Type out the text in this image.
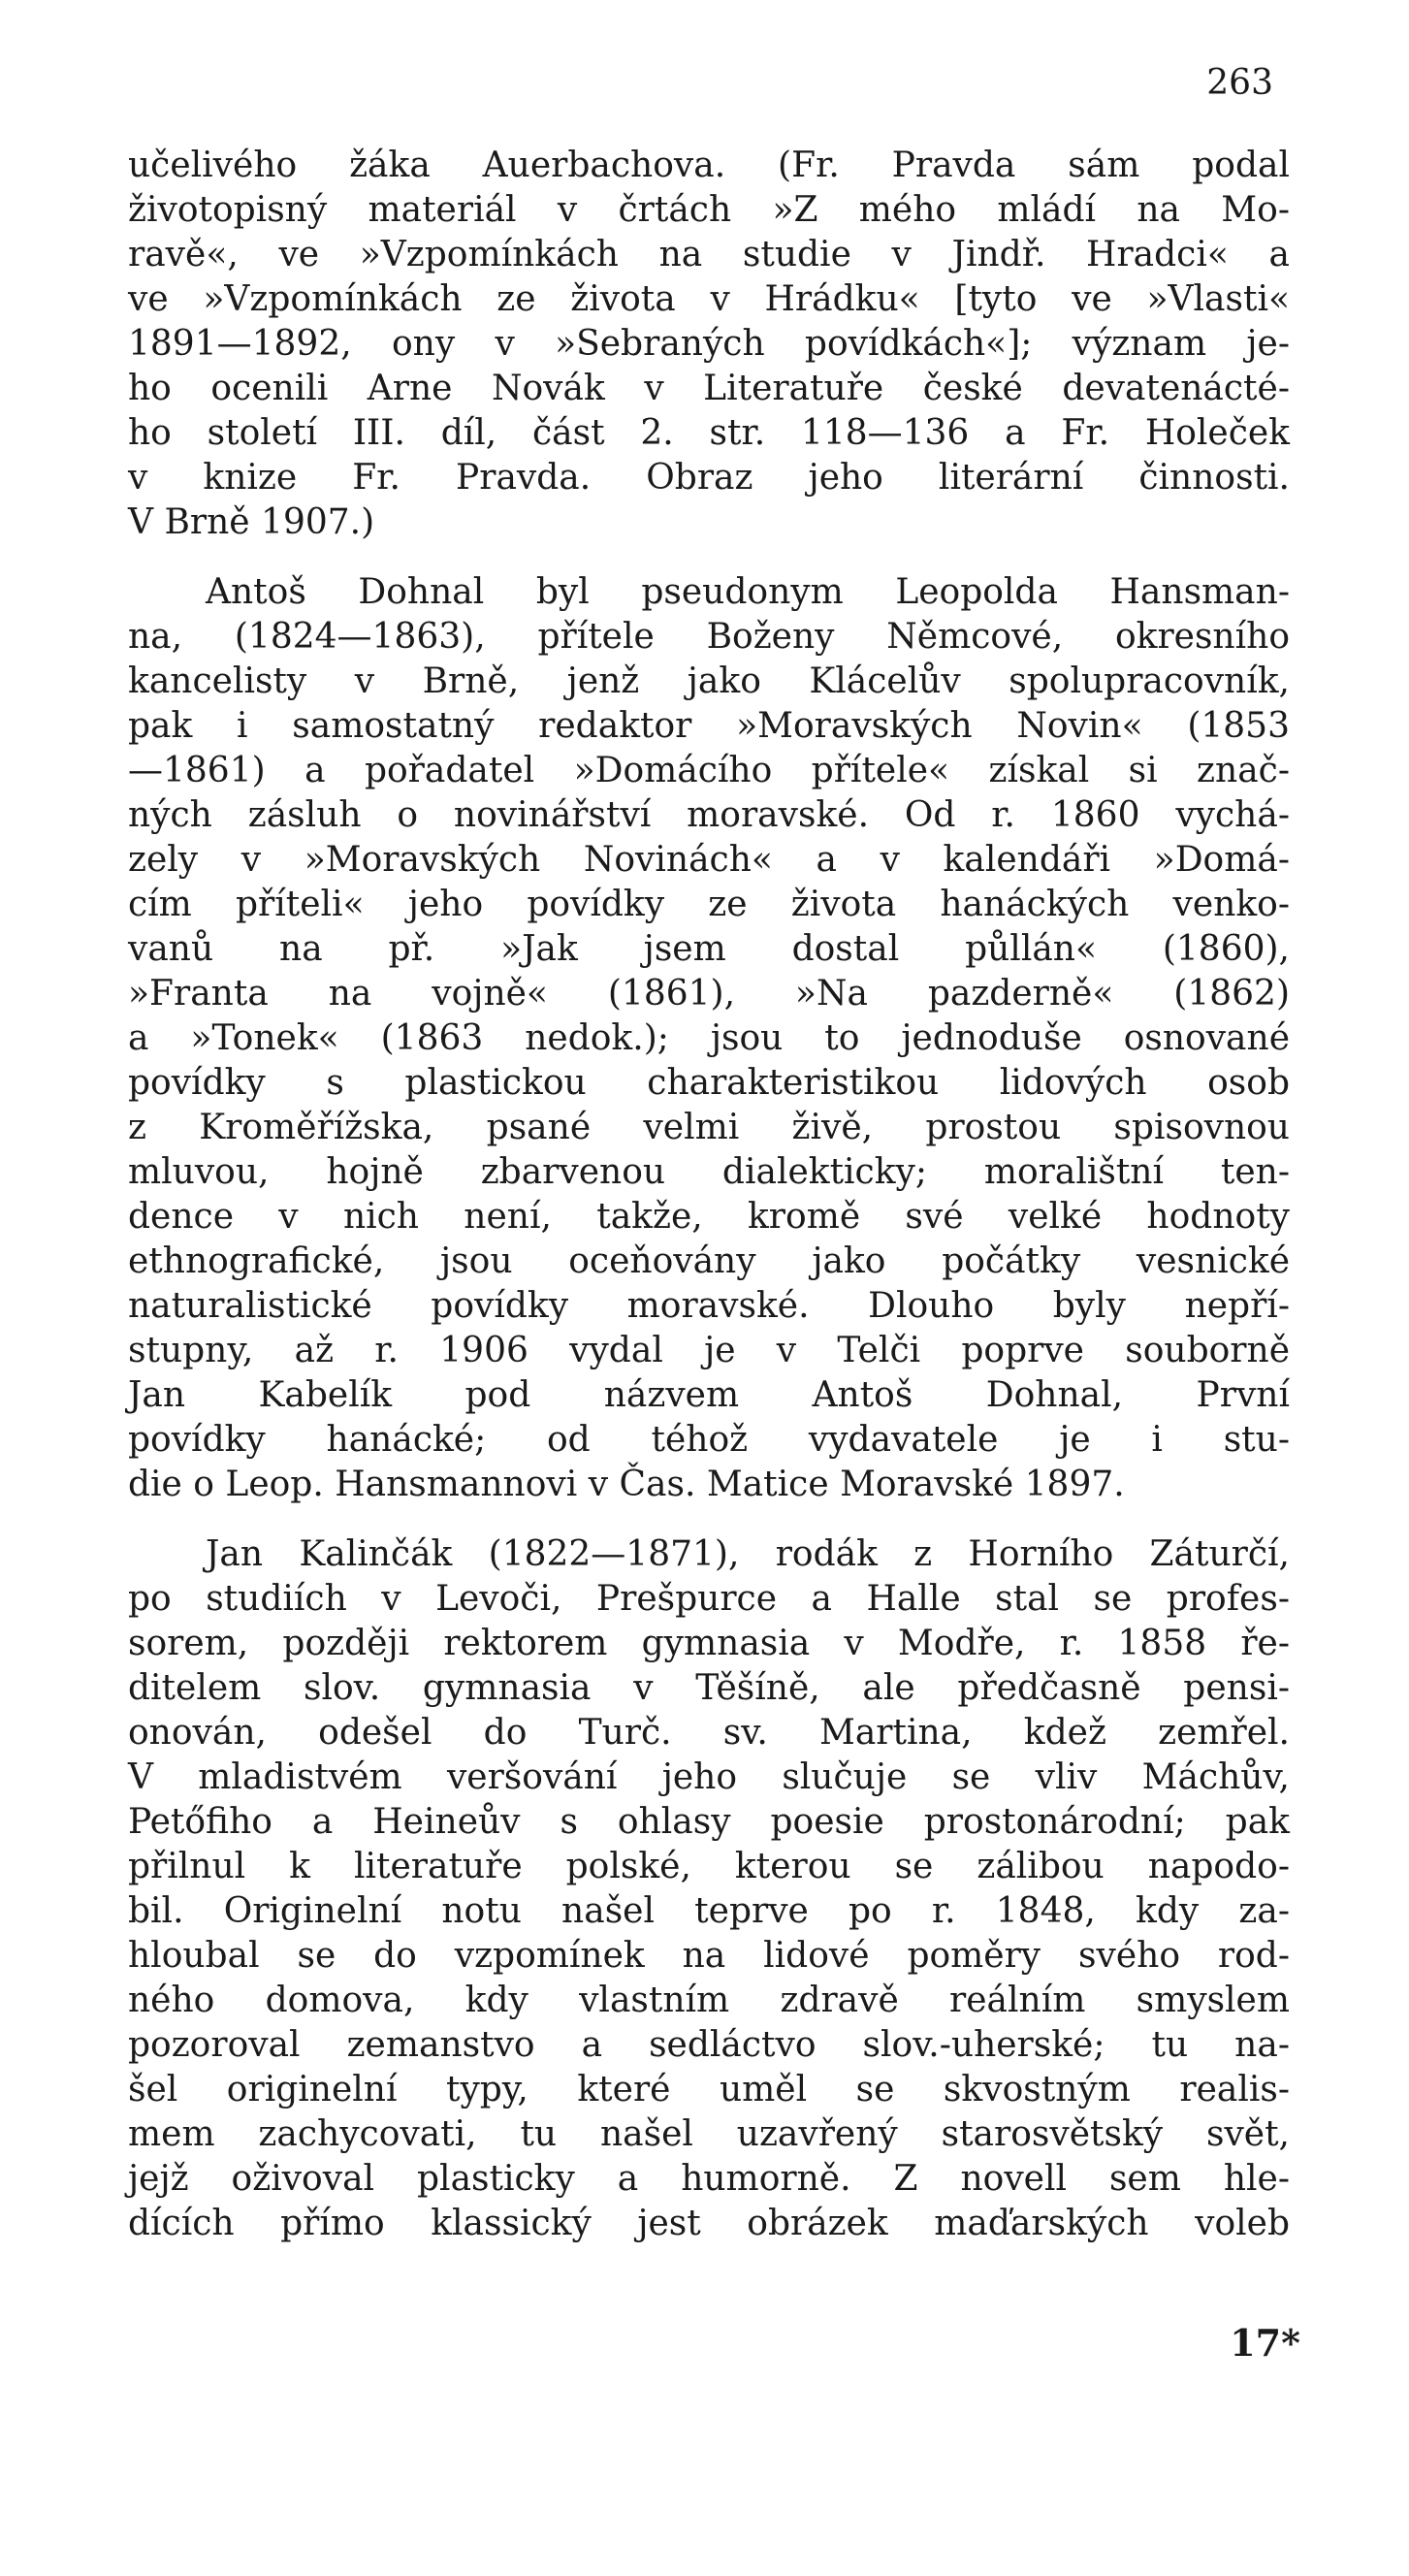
263

učelivého žáka Auerbachova. (Fr. Pravda sám podal
životopisný materiál v črtách »Z mého mládí na Mo-
ravě«, ve »Vzpomínkách na studie v Jindř. Hradci« a
ve »Vzpomínkách ze života v Hrádku« [tyto ve »Vlasti«
1891—1892, ony v »Sebraných povídkách«]; význam je-
ho ocenili Arne Novák v Literatuře české devatenácté-
ho století III. díl, část 2. str. 118—136 a Fr. Holeček
v knize Fr. Pravda. Obraz jeho literární činnosti.
V Brně 1907.)

Antoš Dohnal byl pseudonym Leopolda Hansman-
na, (1824—1863), přítele Boženy Němcové, okresního
kancelisty v Brně, jenž jako Klácelův spolupracovník,
pak i samostatný redaktor »Moravských Novin« (1853
—1861) a pořadatel »Domácího přítele« získal si znač-
ných zásluh o novinářství moravské. Od r. 1860 vychá-
zely v »Moravských Novinách« a v kalendáři »Domá-
cím příteli« jeho povídky ze života hanáckých venko-
vanů na př. »Jak jsem dostal půllán« (1860),
»Franta na vojně« (1861), »Na pazderně« (1862)
a »Tonek« (1863 nedok.); jsou to jednoduše osnované
povídky s plastickou charakteristikou lidových osob
z Kroměřížska, psané velmi živě, prostou spisovnou
mluvou, hojně zbarvenou dialekticky; moralištní ten-
dence v nich není, takže, kromě své velké hodnoty
ethnografické, jsou oceňovány jako počátky vesnické
naturalistické povídky moravské. Dlouho byly nepří-
stupny, až r. 1906 vydal je v Telči poprve souborně
Jan Kabelík pod názvem Antoš Dohnal, První
povídky hanácké; od téhož vydavatele je i stu-
die o Leop. Hansmannovi v Čas. Matice Moravské 1897.

Jan Kalinčák (1822—1871), rodák z Horního Záturčí,
po studiích v Levoči, Prešpurce a Halle stal se profes-
sorem, později rektorem gymnasia v Modře, r. 1858 ře-
ditelem slov. gymnasia v Těšíně, ale předčasně pensi-
onován, odešel do Turč. sv. Martina, kdež zemřel.
V mladistvém veršování jeho slučuje se vliv Máchův,
Petőfiho a Heineův s ohlasy poesie prostonárodní; pak
přilnul k literatuře polské, kterou se zálibou napodo-
bil. Originelní notu našel teprve po r. 1848, kdy za-
hloubal se do vzpomínek na lidové poměry svého rod-
ného domova, kdy vlastním zdravě reálním smyslem
pozoroval zemanstvo a sedláctvo slov.-uherské; tu na-
šel originelní typy, které uměl se skvostným realis-
mem zachycovati, tu našel uzavřený starosvětský svět,
jejž oživoval plasticky a humorně. Z novell sem hle-
dících přímo klassický jest obrázek maďarských voleb

17*
